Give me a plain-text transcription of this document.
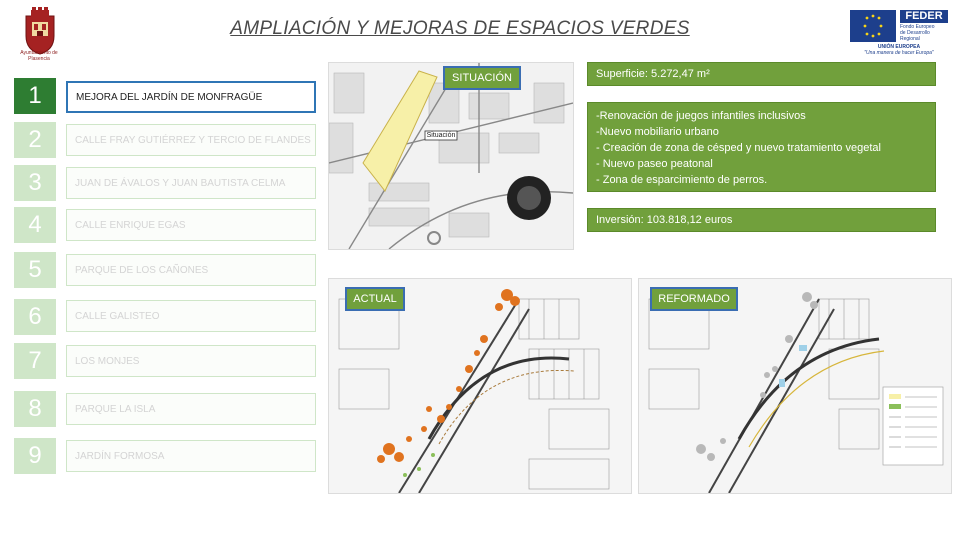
Ayuntamiento de
Plasencia
AMPLIACIÓN Y MEJORAS DE ESPACIOS VERDES
FEDER
Fondo Europeo
de Desarrollo Regional
UNIÓN EUROPEA
"Una manera de hacer Europa"
1	MEJORA DEL JARDÍN DE MONFRAGÜE
2	CALLE FRAY GUTIÉRREZ Y TERCIO DE FLANDES
3	JUAN DE ÁVALOS Y JUAN BAUTISTA CELMA
4	CALLE ENRIQUE EGAS
5	PARQUE DE LOS CAÑONES
6	CALLE GALISTEO
7	LOS MONJES
8	PARQUE LA ISLA
9	JARDÍN FORMOSA
Situación
SITUACIÓN	Superficie: 5.272,47 m²
-Renovación de juegos infantiles inclusivos
-Nuevo mobiliario urbano
- Creación de zona de césped y nuevo tratamiento vegetal
- Nuevo paseo peatonal
- Zona de esparcimiento de perros.
Inversión: 103.818,12 euros
ACTUAL	REFORMADO
